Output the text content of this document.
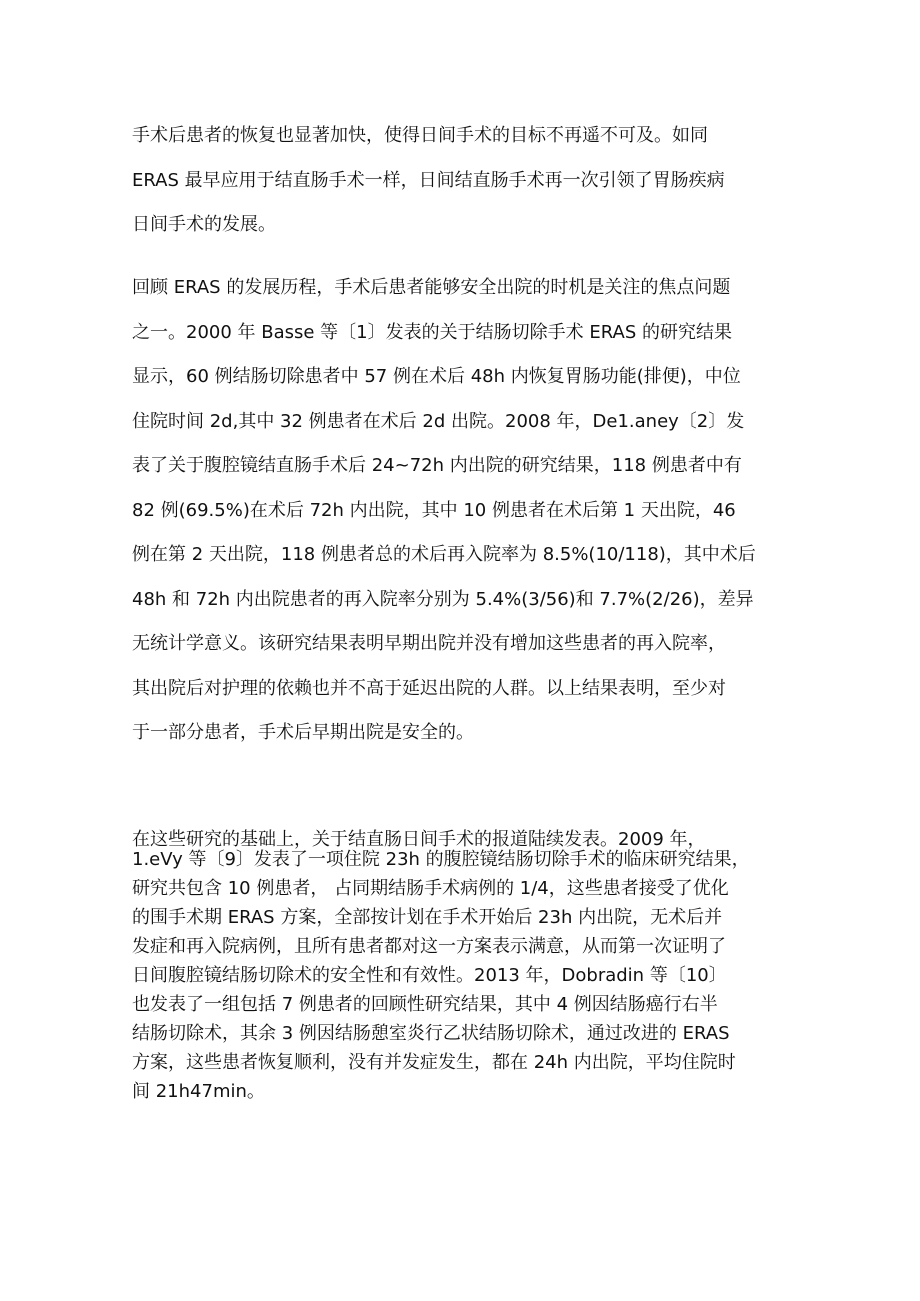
手术后患者的恢复也显著加快，使得日间手术的目标不再遥不可及。如同
ERAS 最早应用于结直肠手术一样，日间结直肠手术再一次引领了胃肠疾病
日间手术的发展。
回顾 ERAS 的发展历程，手术后患者能够安全出院的时机是关注的焦点问题
之一。2000 年 Basse 等〔1〕发表的关于结肠切除手术 ERAS 的研究结果
显示，60 例结肠切除患者中 57 例在术后 48h 内恢复胃肠功能(排便)，中位
住院时间 2d,其中 32 例患者在术后 2d 出院。2008 年，De1.aney〔2〕发
表了关于腹腔镜结直肠手术后 24~72h 内出院的研究结果，118 例患者中有
82 例(69.5%)在术后 72h 内出院，其中 10 例患者在术后第 1 天出院，46
例在第 2 天出院，118 例患者总的术后再入院率为 8.5%(10∕118)，其中术后
48h 和 72h 内出院患者的再入院率分别为 5.4%(3∕56)和 7.7%(2∕26)，差异
无统计学意义。该研究结果表明早期出院并没有增加这些患者的再入院率，
其出院后对护理的依赖也并不高于延迟出院的人群。以上结果表明，至少对
于一部分患者，手术后早期出院是安全的。
在这些研究的基础上，关于结直肠日间手术的报道陆续发表。2009 年，
1.eVy 等〔9〕发表了一项住院 23h 的腹腔镜结肠切除手术的临床研究结果，
研究共包含 10 例患者， 占同期结肠手术病例的 1/4，这些患者接受了优化
的围手术期 ERAS 方案，全部按计划在手术开始后 23h 内出院，无术后并
发症和再入院病例，且所有患者都对这一方案表示满意，从而第一次证明了
日间腹腔镜结肠切除术的安全性和有效性。2013 年，Dobradin 等〔10〕
也发表了一组包括 7 例患者的回顾性研究结果，其中 4 例因结肠癌行右半
结肠切除术，其余 3 例因结肠憩室炎行乙状结肠切除术，通过改进的 ERAS
方案，这些患者恢复顺利，没有并发症发生，都在 24h 内出院，平均住院时
间 21h47min。
